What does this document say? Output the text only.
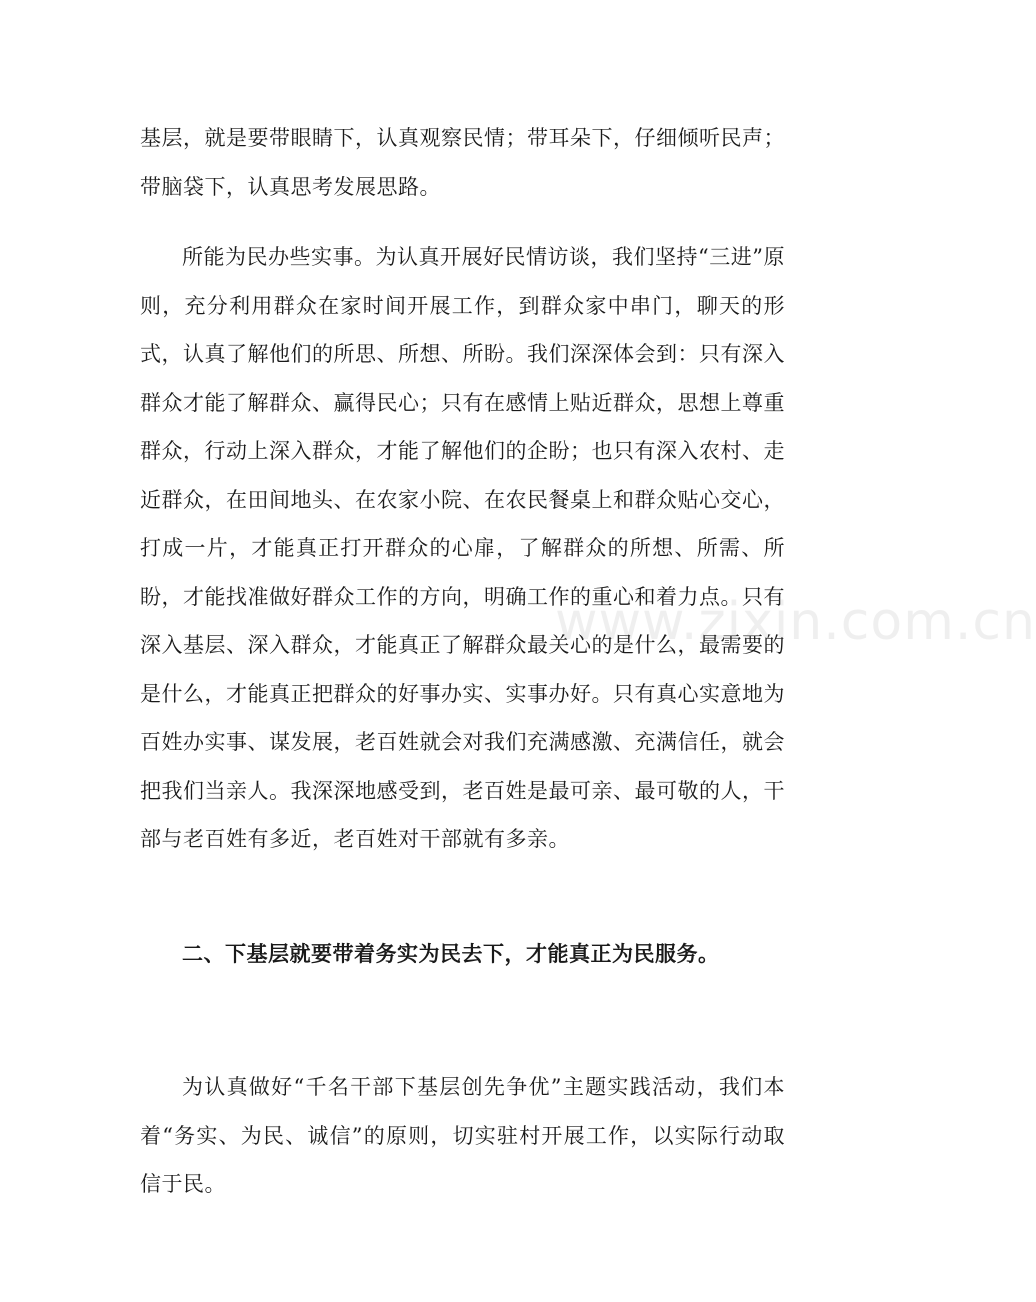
基层，就是要带眼睛下，认真观察民情；带耳朵下，仔细倾听民声；带脑袋下，认真思考发展思路。

所能为民办些实事。为认真开展好民情访谈，我们坚持“三进”原则，充分利用群众在家时间开展工作，到群众家中串门，聊天的形式，认真了解他们的所思、所想、所盼。我们深深体会到：只有深入群众才能了解群众、赢得民心；只有在感情上贴近群众，思想上尊重群众，行动上深入群众，才能了解他们的企盼；也只有深入农村、走近群众，在田间地头、在农家小院、在农民餐桌上和群众贴心交心，打成一片，才能真正打开群众的心扉，了解群众的所想、所需、所盼，才能找准做好群众工作的方向，明确工作的重心和着力点。只有深入基层、深入群众，才能真正了解群众最关心的是什么，最需要的是什么，才能真正把群众的好事办实、实事办好。只有真心实意地为百姓办实事、谋发展，老百姓就会对我们充满感激、充满信任，就会把我们当亲人。我深深地感受到，老百姓是最可亲、最可敬的人，干部与老百姓有多近，老百姓对干部就有多亲。

二、下基层就要带着务实为民去下，才能真正为民服务。

为认真做好“千名干部下基层创先争优”主题实践活动，我们本着“务实、为民、诚信”的原则，切实驻村开展工作，以实际行动取信于民。

www.zixin.com.cn
